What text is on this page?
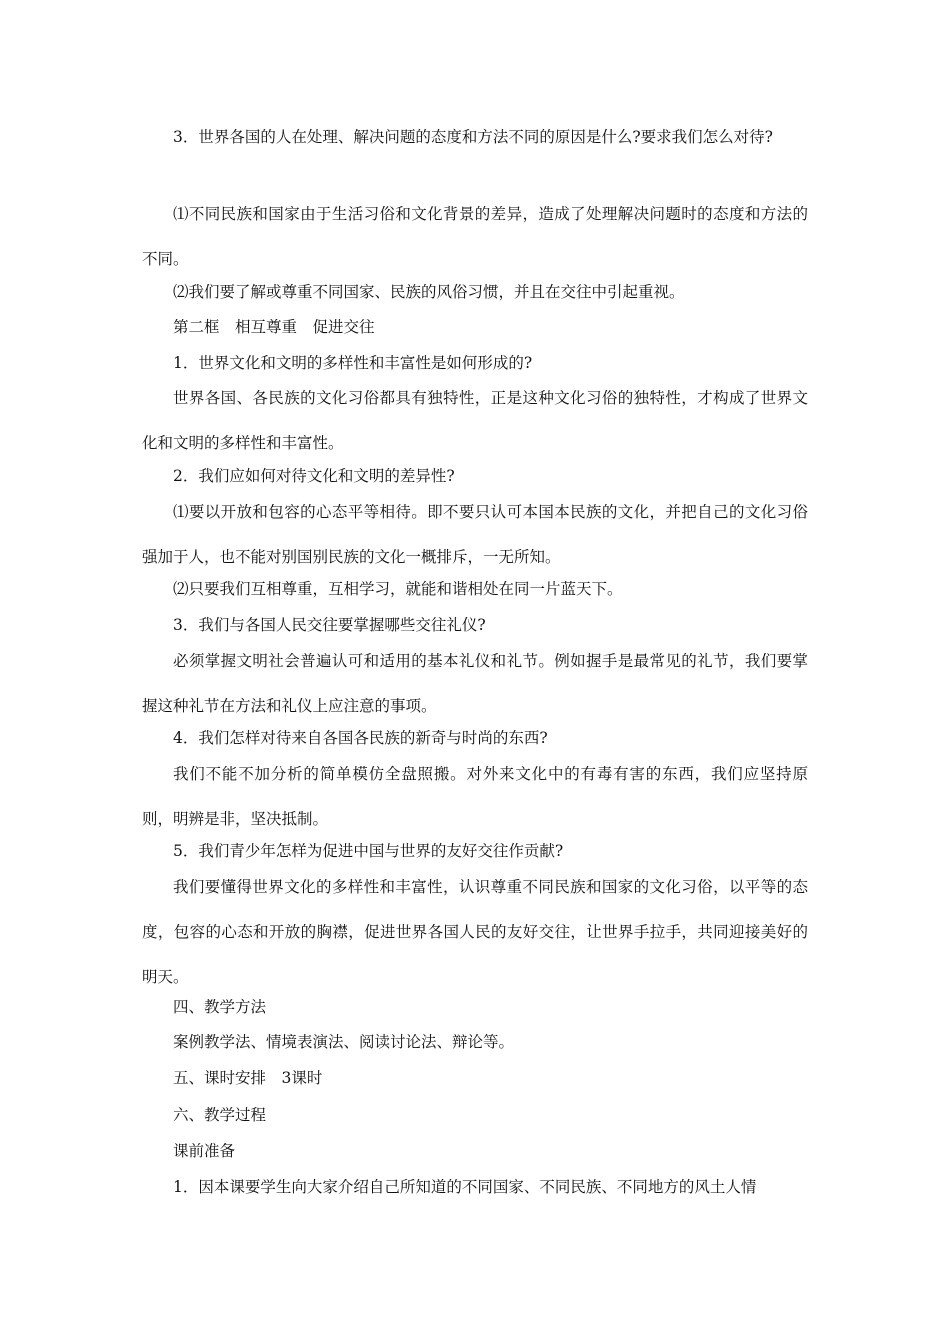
3．世界各国的人在处理、解决问题的态度和方法不同的原因是什么?要求我们怎么对待?

⑴不同民族和国家由于生活习俗和文化背景的差异，造成了处理解决问题时的态度和方法的不同。

⑵我们要了解或尊重不同国家、民族的风俗习惯，并且在交往中引起重视。

第二框　相互尊重　促进交往

1．世界文化和文明的多样性和丰富性是如何形成的?

世界各国、各民族的文化习俗都具有独特性，正是这种文化习俗的独特性，才构成了世界文化和文明的多样性和丰富性。

2．我们应如何对待文化和文明的差异性?

⑴要以开放和包容的心态平等相待。即不要只认可本国本民族的文化，并把自己的文化习俗强加于人，也不能对别国别民族的文化一概排斥，一无所知。

⑵只要我们互相尊重，互相学习，就能和谐相处在同一片蓝天下。

3．我们与各国人民交往要掌握哪些交往礼仪?

必须掌握文明社会普遍认可和适用的基本礼仪和礼节。例如握手是最常见的礼节，我们要掌握这种礼节在方法和礼仪上应注意的事项。

4．我们怎样对待来自各国各民族的新奇与时尚的东西?

我们不能不加分析的简单模仿全盘照搬。对外来文化中的有毒有害的东西，我们应坚持原则，明辨是非，坚决抵制。

5．我们青少年怎样为促进中国与世界的友好交往作贡献?

我们要懂得世界文化的多样性和丰富性，认识尊重不同民族和国家的文化习俗，以平等的态度，包容的心态和开放的胸襟，促进世界各国人民的友好交往，让世界手拉手，共同迎接美好的明天。

四、教学方法

案例教学法、情境表演法、阅读讨论法、辩论等。

五、课时安排　3课时

六、教学过程

课前准备

1．因本课要学生向大家介绍自己所知道的不同国家、不同民族、不同地方的风土人情
